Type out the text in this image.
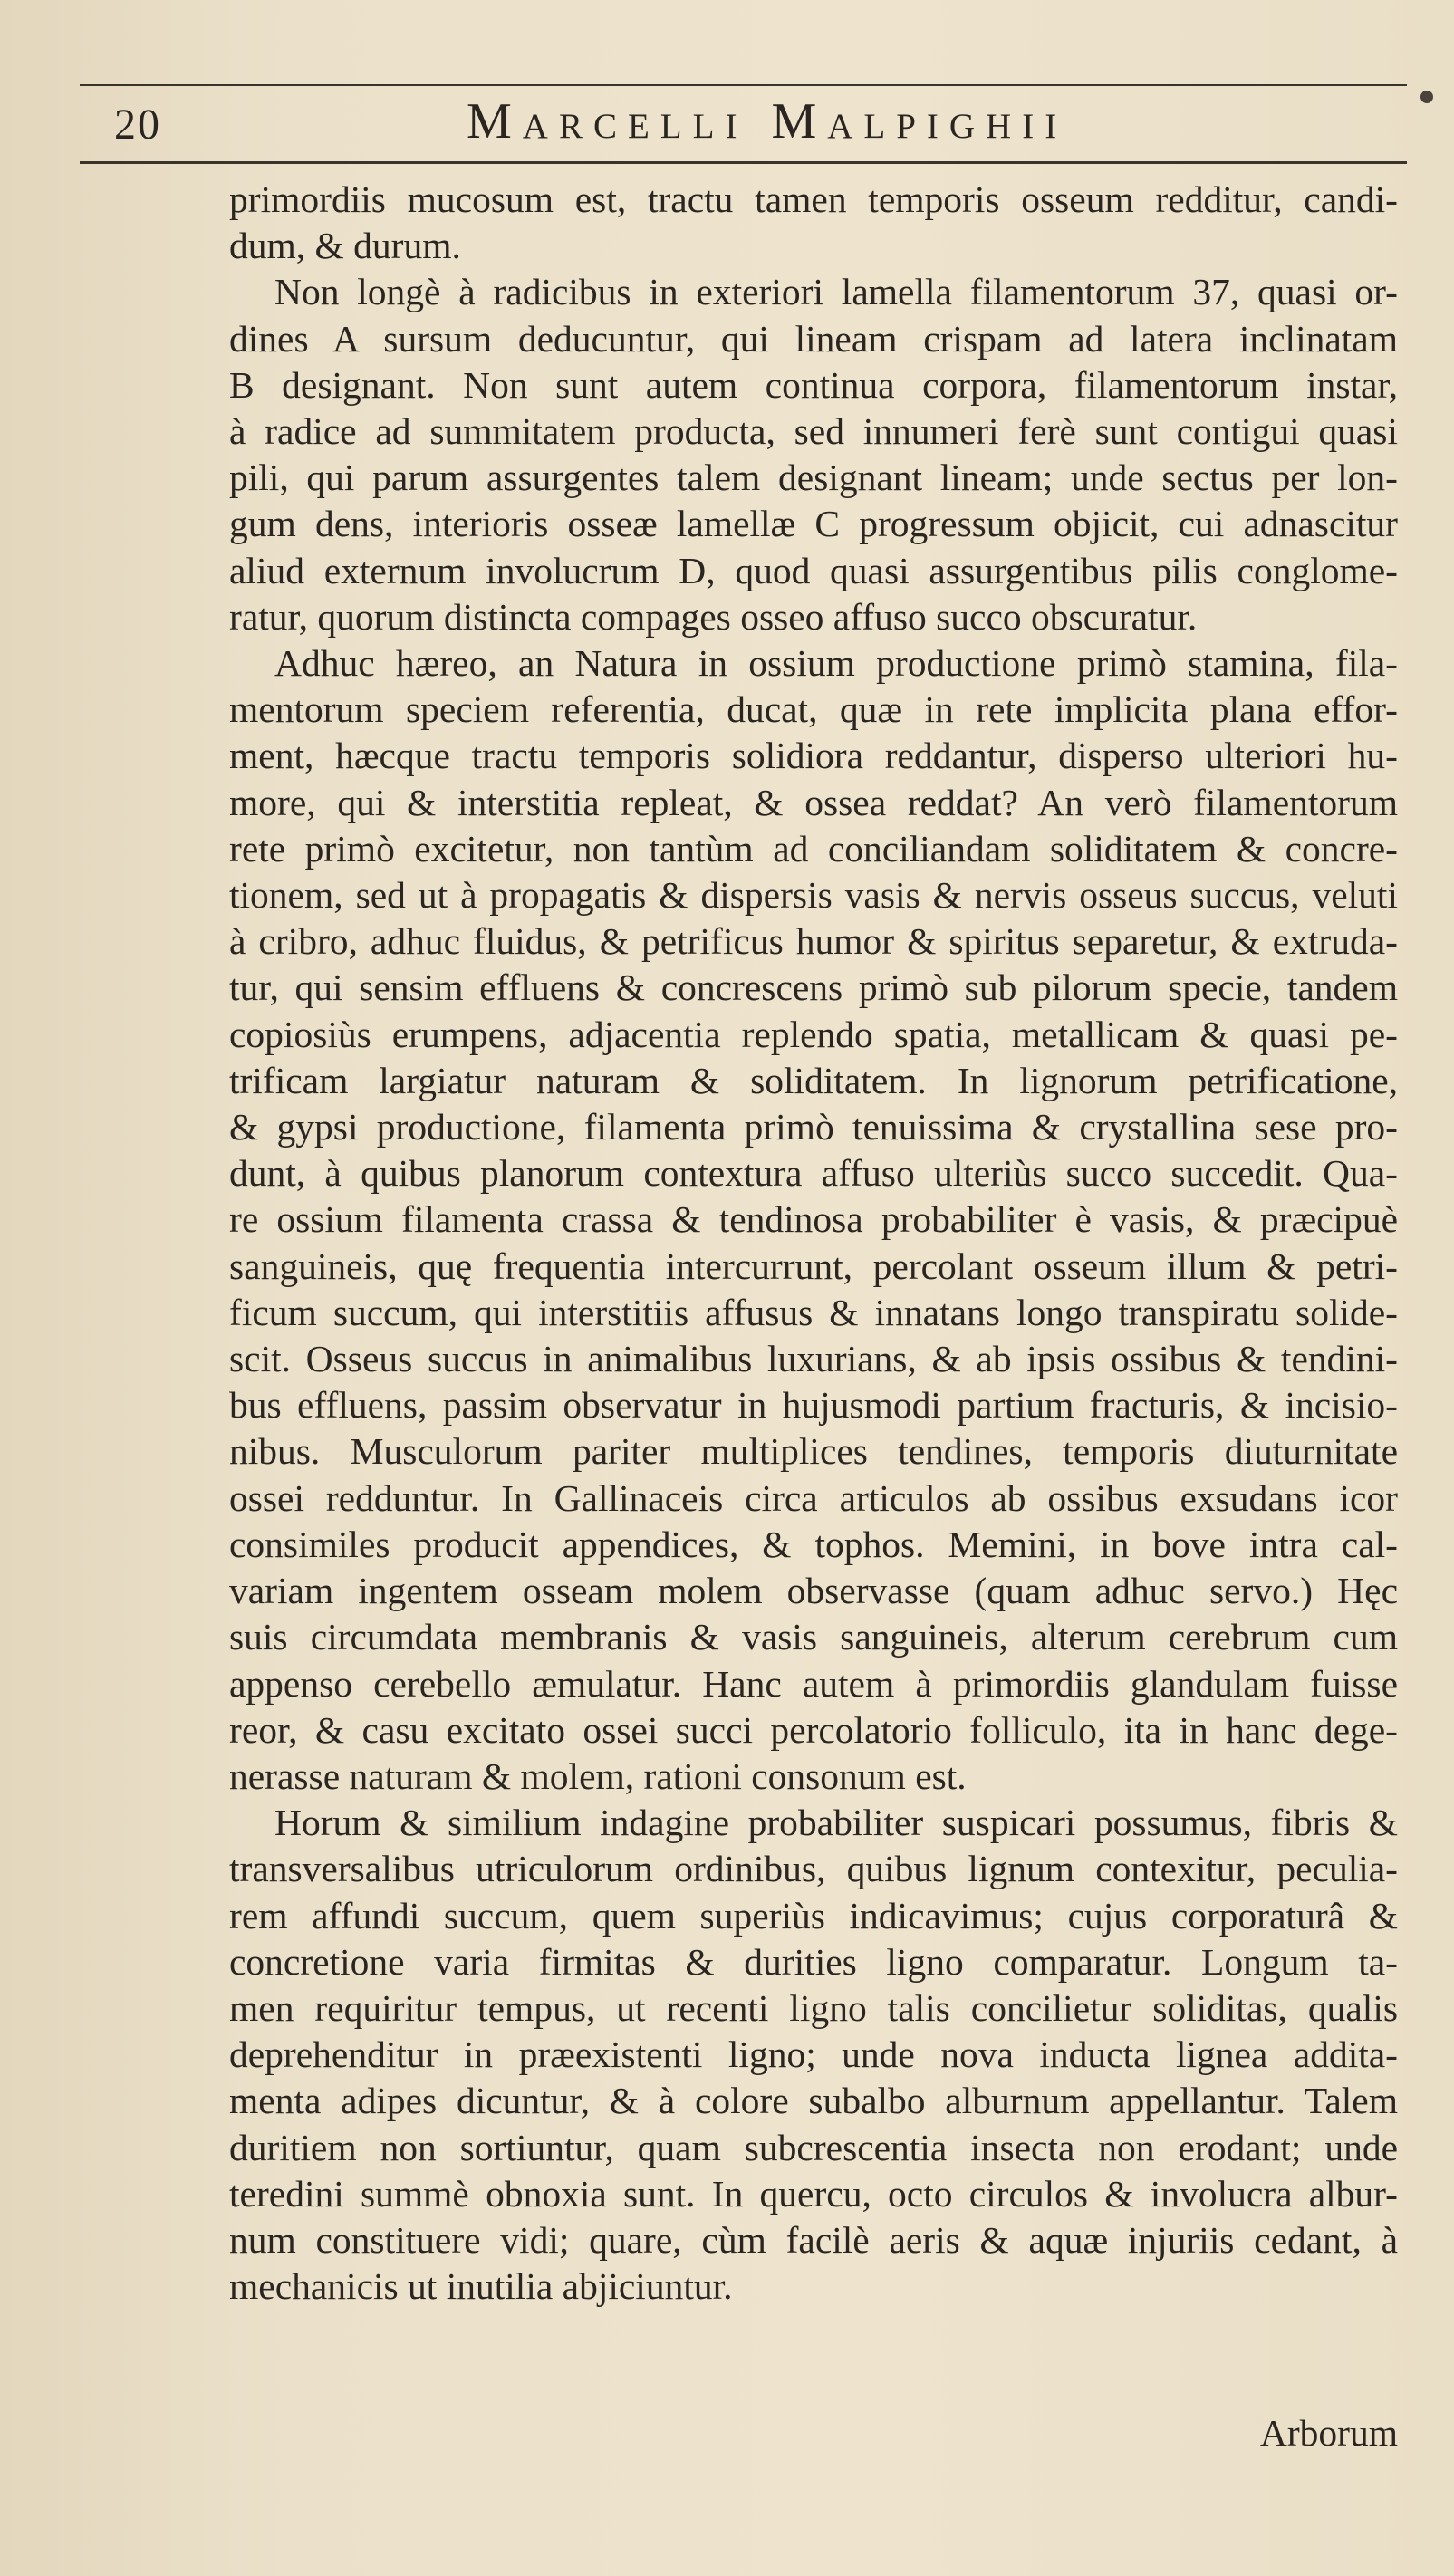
20	Marcelli Malpighii
primordiis mucosum est, tractu tamen temporis osseum redditur, candi-
dum, & durum.
Non longè à radicibus in exteriori lamella filamentorum 37, quasi or-
dines A sursum deducuntur, qui lineam crispam ad latera inclinatam
B designant. Non sunt autem continua corpora, filamentorum instar,
à radice ad summitatem producta, sed innumeri ferè sunt contigui quasi
pili, qui parum assurgentes talem designant lineam; unde sectus per lon-
gum dens, interioris osseæ lamellæ C progressum objicit, cui adnascitur
aliud externum involucrum D, quod quasi assurgentibus pilis conglome-
ratur, quorum distincta compages osseo affuso succo obscuratur.
Adhuc hæreo, an Natura in ossium productione primò stamina, fila-
mentorum speciem referentia, ducat, quæ in rete implicita plana effor-
ment, hæcque tractu temporis solidiora reddantur, disperso ulteriori hu-
more, qui & interstitia repleat, & ossea reddat? An verò filamentorum
rete primò excitetur, non tantùm ad conciliandam soliditatem & concre-
tionem, sed ut à propagatis & dispersis vasis & nervis osseus succus, veluti
à cribro, adhuc fluidus, & petrificus humor & spiritus separetur, & extruda-
tur, qui sensim effluens & concrescens primò sub pilorum specie, tandem
copiosiùs erumpens, adjacentia replendo spatia, metallicam & quasi pe-
trificam largiatur naturam & soliditatem. In lignorum petrificatione,
& gypsi productione, filamenta primò tenuissima & crystallina sese pro-
dunt, à quibus planorum contextura affuso ulteriùs succo succedit. Qua-
re ossium filamenta crassa & tendinosa probabiliter è vasis, & præcipuè
sanguineis, quę frequentia intercurrunt, percolant osseum illum & petri-
ficum succum, qui interstitiis affusus & innatans longo transpiratu solide-
scit. Osseus succus in animalibus luxurians, & ab ipsis ossibus & tendini-
bus effluens, passim observatur in hujusmodi partium fracturis, & incisio-
nibus. Musculorum pariter multiplices tendines, temporis diuturnitate
ossei redduntur. In Gallinaceis circa articulos ab ossibus exsudans icor
consimiles producit appendices, & tophos. Memini, in bove intra cal-
variam ingentem osseam molem observasse (quam adhuc servo.) Hęc
suis circumdata membranis & vasis sanguineis, alterum cerebrum cum
appenso cerebello æmulatur. Hanc autem à primordiis glandulam fuisse
reor, & casu excitato ossei succi percolatorio folliculo, ita in hanc dege-
nerasse naturam & molem, rationi consonum est.
Horum & similium indagine probabiliter suspicari possumus, fibris &
transversalibus utriculorum ordinibus, quibus lignum contexitur, peculia-
rem affundi succum, quem superiùs indicavimus; cujus corporaturâ &
concretione varia firmitas & durities ligno comparatur. Longum ta-
men requiritur tempus, ut recenti ligno talis concilietur soliditas, qualis
deprehenditur in præexistenti ligno; unde nova inducta lignea addita-
menta adipes dicuntur, & à colore subalbo alburnum appellantur. Talem
duritiem non sortiuntur, quam subcrescentia insecta non erodant; unde
teredini summè obnoxia sunt. In quercu, octo circulos & involucra albur-
num constituere vidi; quare, cùm facilè aeris & aquæ injuriis cedant, à
mechanicis ut inutilia abjiciuntur.
Arborum
